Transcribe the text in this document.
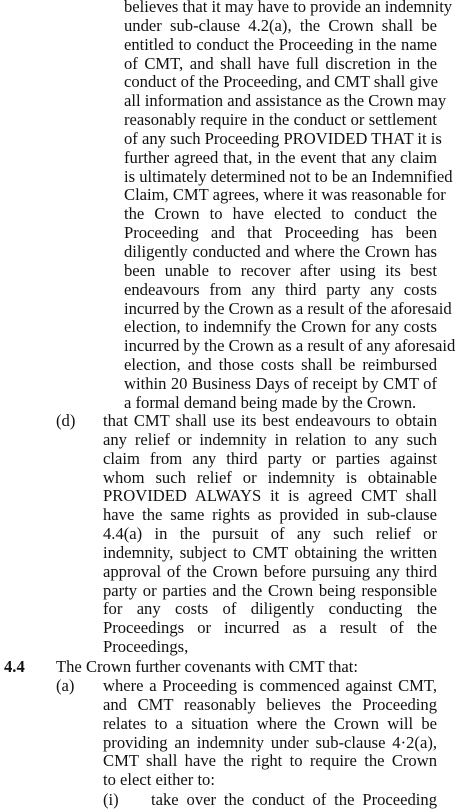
believes that it may have to provide an indemnity
under sub-clause 4.2(a), the Crown shall be
entitled to conduct the Proceeding in the name
of CMT, and shall have full discretion in the
conduct of the Proceeding, and CMT shall give
all information and assistance as the Crown may
reasonably require in the conduct or settlement
of any such Proceeding PROVIDED THAT it is
further agreed that, in the event that any claim
is ultimately determined not to be an Indemnified
Claim, CMT agrees, where it was reasonable for
the Crown to have elected to conduct the
Proceeding and that Proceeding has been
diligently conducted and where the Crown has
been unable to recover after using its best
endeavours from any third party any costs
incurred by the Crown as a result of the aforesaid
election, to indemnify the Crown for any costs
incurred by the Crown as a result of any aforesaid
election, and those costs shall be reimbursed
within 20 Business Days of receipt by CMT of
a formal demand being made by the Crown.
(d) that CMT shall use its best endeavours to obtain
any relief or indemnity in relation to any such
claim from any third party or parties against
whom such relief or indemnity is obtainable
PROVIDED ALWAYS it is agreed CMT shall
have the same rights as provided in sub-clause
4.4(a) in the pursuit of any such relief or
indemnity, subject to CMT obtaining the written
approval of the Crown before pursuing any third
party or parties and the Crown being responsible
for any costs of diligently conducting the
Proceedings or incurred as a result of the
Proceedings,
4.4 The Crown further covenants with CMT that:
(a) where a Proceeding is commenced against CMT,
and CMT reasonably believes the Proceeding
relates to a situation where the Crown will be
providing an indemnity under sub-clause 4·2(a),
CMT shall have the right to require the Crown
to elect either to:
(i) take over the conduct of the Proceeding
